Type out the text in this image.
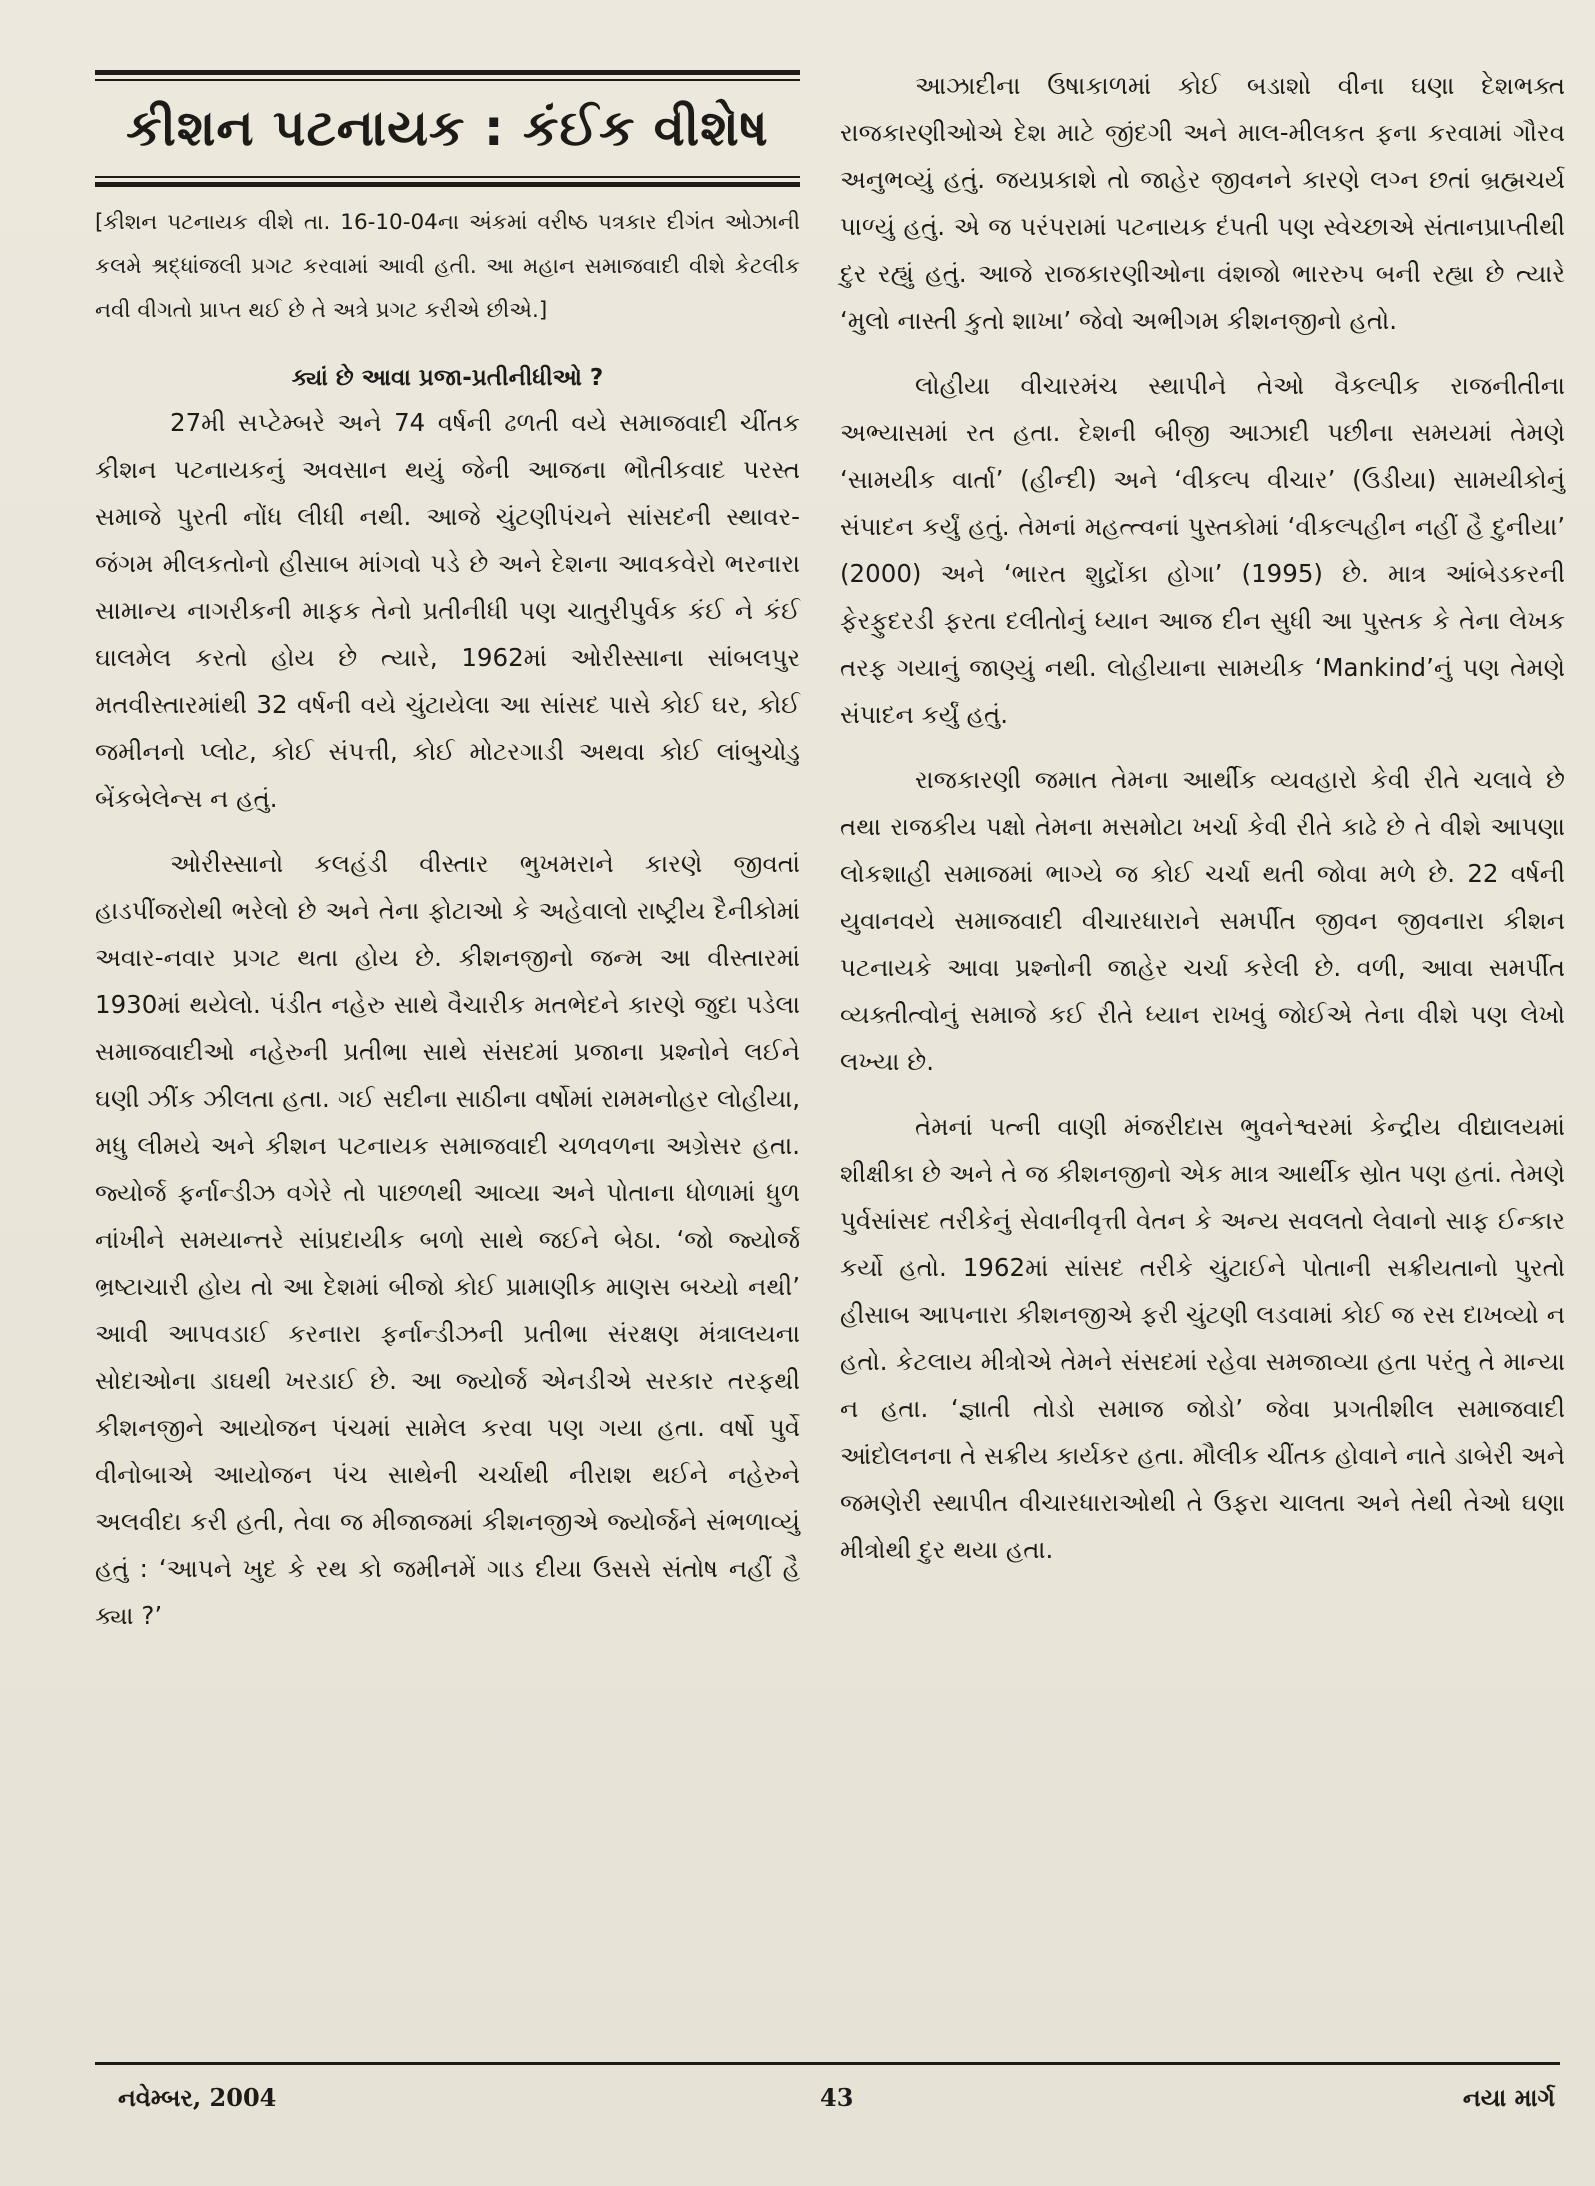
કીશન પટનાયક : કંઈક વીશેષ
[કીશન પટનાયક વીશે તા. 16-10-04ના અંકમાં વરીષ્ઠ પત્રકાર દીગંત ઓઝાની કલમે શ્રદ્ધાંજલી પ્રગટ કરવામાં આવી હતી. આ મહાન સમાજવાદી વીશે કેટલીક નવી વીગતો પ્રાપ્ત થઈ છે તે અત્રે પ્રગટ કરીએ છીએ.]
ક્યાં છે આવા પ્રજા-પ્રતીનીધીઓ ?

27મી સપ્ટેમ્બરે અને 74 વર્ષની ઢળતી વયે સમાજવાદી ચીંતક કીશન પટનાયકનું અવસાન થયું જેની આજના ભૌતીકવાદ પરસ્ત સમાજે પુરતી નોંધ લીધી નથી. આજે ચુંટણીપંચને સાંસદની સ્થાવર-જંગમ મીલકતોનો હીસાબ માંગવો પડે છે અને દેશના આવકવેરો ભરનારા સામાન્ય નાગરીકની માફક તેનો પ્રતીનીધી પણ ચાતુરીપુર્વક કંઈ ને કંઈ ઘાલમેલ કરતો હોય છે ત્યારે, 1962માં ઓરીસ્સાના સાંબલપુર મતવીસ્તારમાંથી 32 વર્ષની વયે ચુંટાયેલા આ સાંસદ પાસે કોઈ ઘર, કોઈ જમીનનો પ્લોટ, કોઈ સંપત્તી, કોઈ મોટરગાડી અથવા કોઈ લાંબુચોડુ બેંકબેલેન્સ ન હતું.

ઓરીસ્સાનો કલહંડી વીસ્તાર ભુખમરાને કારણે જીવતાં હાડપીંજરોથી ભરેલો છે અને તેના ફોટાઓ કે અહેવાલો રાષ્ટ્રીય દૈનીકોમાં અવાર-નવાર પ્રગટ થતા હોય છે. કીશનજીનો જન્મ આ વીસ્તારમાં 1930માં થયેલો. પંડીત નહેરુ સાથે વૈચારીક મતભેદને કારણે જુદા પડેલા સમાજવાદીઓ નહેરુની પ્રતીભા સાથે સંસદમાં પ્રજાના પ્રશ્નોને લઈને ઘણી ઝીંક ઝીલતા હતા. ગઈ સદીના સાઠીના વર્ષોમાં રામમનોહર લોહીયા, મધુ લીમયે અને કીશન પટનાયક સમાજવાદી ચળવળના અગ્રેસર હતા. જ્યોર્જ ફર્નાન્ડીઝ વગેરે તો પાછળથી આવ્યા અને પોતાના ધોળામાં ધુળ નાંખીને સમયાન્તરે સાંપ્રદાયીક બળો સાથે જઈને બેઠા. ‘જો જ્યોર્જ ભ્રષ્ટાચારી હોય તો આ દેશમાં બીજો કોઈ પ્રામાણીક માણસ બચ્યો નથી’ આવી આપવડાઈ કરનારા ફર્નાન્ડીઝની પ્રતીભા સંરક્ષણ મંત્રાલયના સોદાઓના ડાઘથી ખરડાઈ છે. આ જ્યોર્જ એનડીએ સરકાર તરફથી કીશનજીને આયોજન પંચમાં સામેલ કરવા પણ ગયા હતા. વર્ષો પુર્વે વીનોબાએ આયોજન પંચ સાથેની ચર્ચાથી નીરાશ થઈને નહેરુને અલવીદા કરી હતી, તેવા જ મીજાજમાં કીશનજીએ જ્યોર્જને સંભળાવ્યું હતું : ‘આપને ખુદ કે રથ કો જમીનમેં ગાડ દીયા ઉસસે સંતોષ નહીં હૈ ક્યા ?’

આઝાદીના ઉષાકાળમાં કોઈ બડાશો વીના ઘણા દેશભક્ત રાજકારણીઓએ દેશ માટે જીંદગી અને માલ-મીલકત ફના કરવામાં ગૌરવ અનુભવ્યું હતું. જયપ્રકાશે તો જાહેર જીવનને કારણે લગ્ન છતાં બ્રહ્મચર્ય પાળ્યું હતું. એ જ પરંપરામાં પટનાયક દંપતી પણ સ્વેચ્છાએ સંતાનપ્રાપ્તીથી દુર રહ્યું હતું. આજે રાજકારણીઓના વંશજો ભારરુપ બની રહ્યા છે ત્યારે ‘મુલો નાસ્તી કુતો શાખા’ જેવો અભીગમ કીશનજીનો હતો.

લોહીયા વીચારમંચ સ્થાપીને તેઓ વૈકલ્પીક રાજનીતીના અભ્યાસમાં રત હતા. દેશની બીજી આઝાદી પછીના સમયમાં તેમણે ‘સામયીક વાર્તા’ (હીન્દી) અને ‘વીકલ્પ વીચાર’ (ઉડીયા) સામયીકોનું સંપાદન કર્યું હતું. તેમનાં મહત્ત્વનાં પુસ્તકોમાં ‘વીકલ્પહીન નહીં હૈ દુનીયા’ (2000) અને ‘ભારત શુદ્રોંકા હોગા’ (1995) છે. માત્ર આંબેડકરની ફેરફુદરડી ફરતા દલીતોનું ધ્યાન આજ દીન સુધી આ પુસ્તક કે તેના લેખક તરફ ગયાનું જાણ્યું નથી. લોહીયાના સામયીક ‘Mankind’નું પણ તેમણે સંપાદન કર્યું હતું.

રાજકારણી જમાત તેમના આર્થીક વ્યવહારો કેવી રીતે ચલાવે છે તથા રાજકીય પક્ષો તેમના મસમોટા ખર્ચા કેવી રીતે કાઢે છે તે વીશે આપણા લોકશાહી સમાજમાં ભાગ્યે જ કોઈ ચર્ચા થતી જોવા મળે છે. 22 વર્ષની યુવાનવયે સમાજવાદી વીચારધારાને સમર્પીત જીવન જીવનારા કીશન પટનાયકે આવા પ્રશ્નોની જાહેર ચર્ચા કરેલી છે. વળી, આવા સમર્પીત વ્યક્તીત્વોનું સમાજે કઈ રીતે ધ્યાન રાખવું જોઈએ તેના વીશે પણ લેખો લખ્યા છે.

તેમનાં પત્ની વાણી મંજરીદાસ ભુવનેશ્વરમાં કેન્દ્રીય વીદ્યાલયમાં શીક્ષીકા છે અને તે જ કીશનજીનો એક માત્ર આર્થીક સ્રોત પણ હતાં. તેમણે પુર્વસાંસદ તરીકેનું સેવાનીવૃત્તી વેતન કે અન્ય સવલતો લેવાનો સાફ ઈન્કાર કર્યો હતો. 1962માં સાંસદ તરીકે ચુંટાઈને પોતાની સક્રીયતાનો પુરતો હીસાબ આપનારા કીશનજીએ ફરી ચુંટણી લડવામાં કોઈ જ રસ દાખવ્યો ન હતો. કેટલાય મીત્રોએ તેમને સંસદમાં રહેવા સમજાવ્યા હતા પરંતુ તે માન્યા ન હતા. ‘જ્ઞાતી તોડો સમાજ જોડો’ જેવા પ્રગતીશીલ સમાજવાદી આંદોલનના તે સક્રીય કાર્યકર હતા. મૌલીક ચીંતક હોવાને નાતે ડાબેરી અને જમણેરી સ્થાપીત વીચારધારાઓથી તે ઉફરા ચાલતા અને તેથી તેઓ ઘણા મીત્રોથી દુર થયા હતા.

નવેમ્બર, 2004	43	નયા માર્ગ
